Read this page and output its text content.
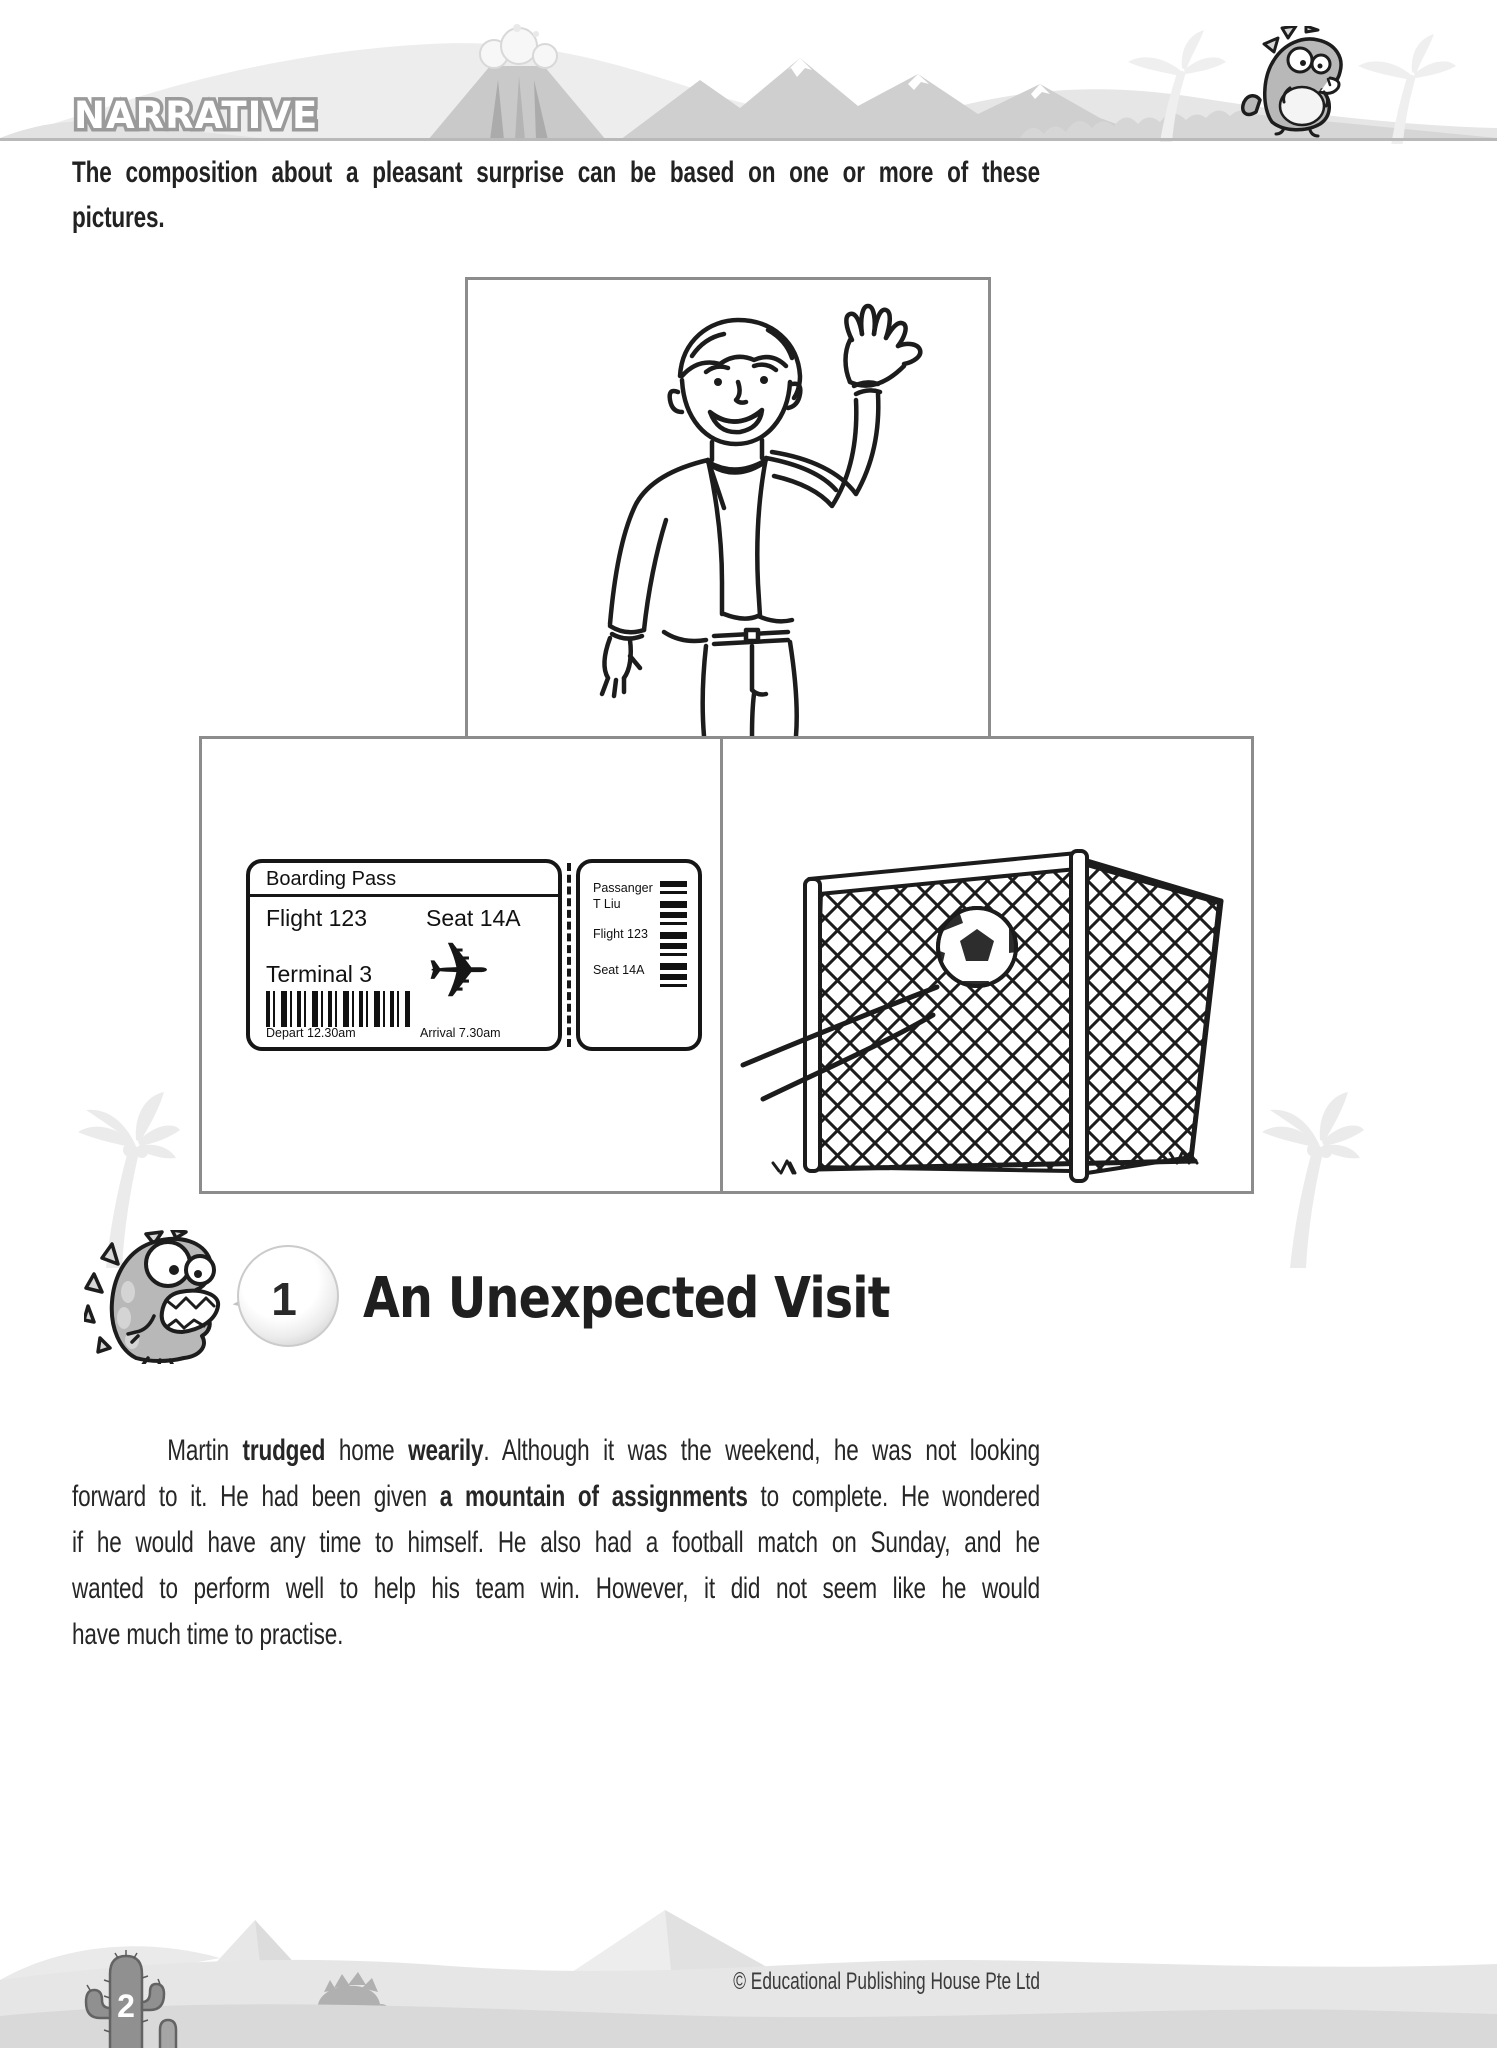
NARRATIVE
The composition about a pleasant surprise can be based on one or more of these
pictures.
Boarding Pass
Flight 123	Seat 14A
Terminal 3 ✈
Depart 12.30am	Arrival 7.30am
Passanger
T Liu
Flight 123
Seat 14A
1	An Unexpected Visit
Martin trudged home wearily. Although it was the weekend, he was not looking
forward to it. He had been given a mountain of assignments to complete. He wondered
if he would have any time to himself. He also had a football match on Sunday, and he
wanted to perform well to help his team win. However, it did not seem like he would
have much time to practise.
© Educational Publishing House Pte Ltd
2
